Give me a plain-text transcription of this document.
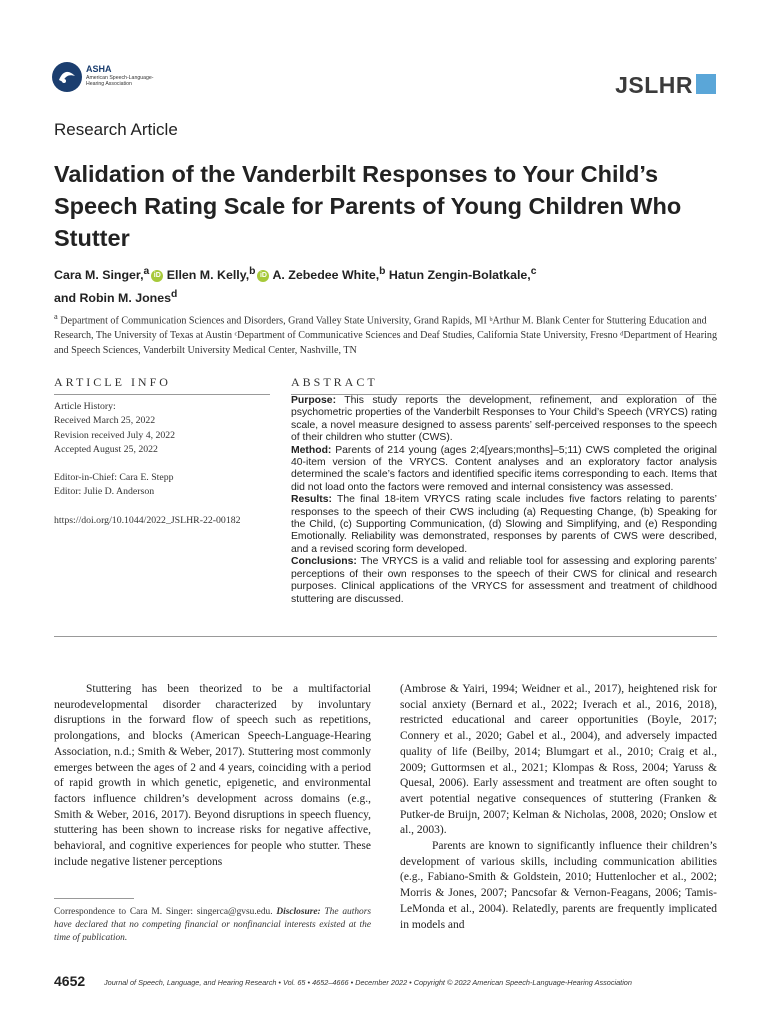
ASHA
American Speech-Language-Hearing Association	JSLHR
Research Article
Validation of the Vanderbilt Responses to Your Child’s Speech Rating Scale for Parents of Young Children Who Stutter
Cara M. Singer,$^a$ iD Ellen M. Kelly,$^b$ iD A. Zebedee White,$^b$ Hatun Zengin-Bolatkale,$^c$
and Robin M. Jones$^d$
$^a$ Department of Communication Sciences and Disorders, Grand Valley State University, Grand Rapids, MI ᵇArthur M. Blank Center for Stuttering Education and Research, The University of Texas at Austin ᶜDepartment of Communicative Sciences and Deaf Studies, California State University, Fresno ᵈDepartment of Hearing and Speech Sciences, Vanderbilt University Medical Center, Nashville, TN
ARTICLE INFO
Article History:
Received March 25, 2022
Revision received July 4, 2022
Accepted August 25, 2022
Editor-in-Chief: Cara E. Stepp
Editor: Julie D. Anderson
https://doi.org/10.1044/2022_JSLHR-22-00182
ABSTRACT

Purpose: This study reports the development, refinement, and exploration of the psychometric properties of the Vanderbilt Responses to Your Child’s Speech (VRYCS) rating scale, a novel measure designed to assess parents’ self-perceived responses to the speech of their children who stutter (CWS).

Method: Parents of 214 young (ages 2;4[years;months]–5;11) CWS completed the original 40-item version of the VRYCS. Content analyses and an exploratory factor analysis determined the scale’s factors and identified specific items corresponding to each. Items that did not load onto the factors were removed and internal consistency was assessed.

Results: The final 18-item VRYCS rating scale includes five factors relating to parents’ responses to the speech of their CWS including (a) Requesting Change, (b) Speaking for the Child, (c) Supporting Communication, (d) Slowing and Simplifying, and (e) Responding Emotionally. Reliability was demonstrated, responses by parents of CWS were described, and a revised scoring form developed.

Conclusions: The VRYCS is a valid and reliable tool for assessing and exploring parents’ perceptions of their own responses to the speech of their CWS for clinical and research purposes. Clinical applications of the VRYCS for assessment and treatment of childhood stuttering are discussed.

Stuttering has been theorized to be a multifactorial neurodevelopmental disorder characterized by involuntary disruptions in the forward flow of speech such as repetitions, prolongations, and blocks (American Speech-Language-Hearing Association, n.d.; Smith & Weber, 2017). Stuttering most commonly emerges between the ages of 2 and 4 years, coinciding with a period of rapid growth in which genetic, epigenetic, and environmental factors influence children’s development across domains (e.g., Smith & Weber, 2016, 2017). Beyond disruptions in speech fluency, stuttering has been shown to increase risks for negative affective, behavioral, and cognitive experiences for people who stutter. These include negative listener perceptions

Correspondence to Cara M. Singer: singerca@gvsu.edu. Disclosure: The authors have declared that no competing financial or nonfinancial interests existed at the time of publication.

(Ambrose & Yairi, 1994; Weidner et al., 2017), heightened risk for social anxiety (Bernard et al., 2022; Iverach et al., 2016, 2018), restricted educational and career opportunities (Boyle, 2017; Connery et al., 2020; Gabel et al., 2004), and adversely impacted quality of life (Beilby, 2014; Blumgart et al., 2010; Craig et al., 2009; Guttormsen et al., 2021; Klompas & Ross, 2004; Yaruss & Quesal, 2006). Early assessment and treatment are often sought to avert potential negative consequences of stuttering (Franken & Putker-de Bruijn, 2007; Kelman & Nicholas, 2008, 2020; Onslow et al., 2003).

Parents are known to significantly influence their children’s development of various skills, including communication abilities (e.g., Fabiano-Smith & Goldstein, 2010; Huttenlocher et al., 2002; Morris & Jones, 2007; Pancsofar & Vernon-Feagans, 2006; Tamis-LeMonda et al., 2004). Relatedly, parents are frequently implicated in models and

4652	Journal of Speech, Language, and Hearing Research • Vol. 65 • 4652–4666 • December 2022 • Copyright © 2022 American Speech-Language-Hearing Association
